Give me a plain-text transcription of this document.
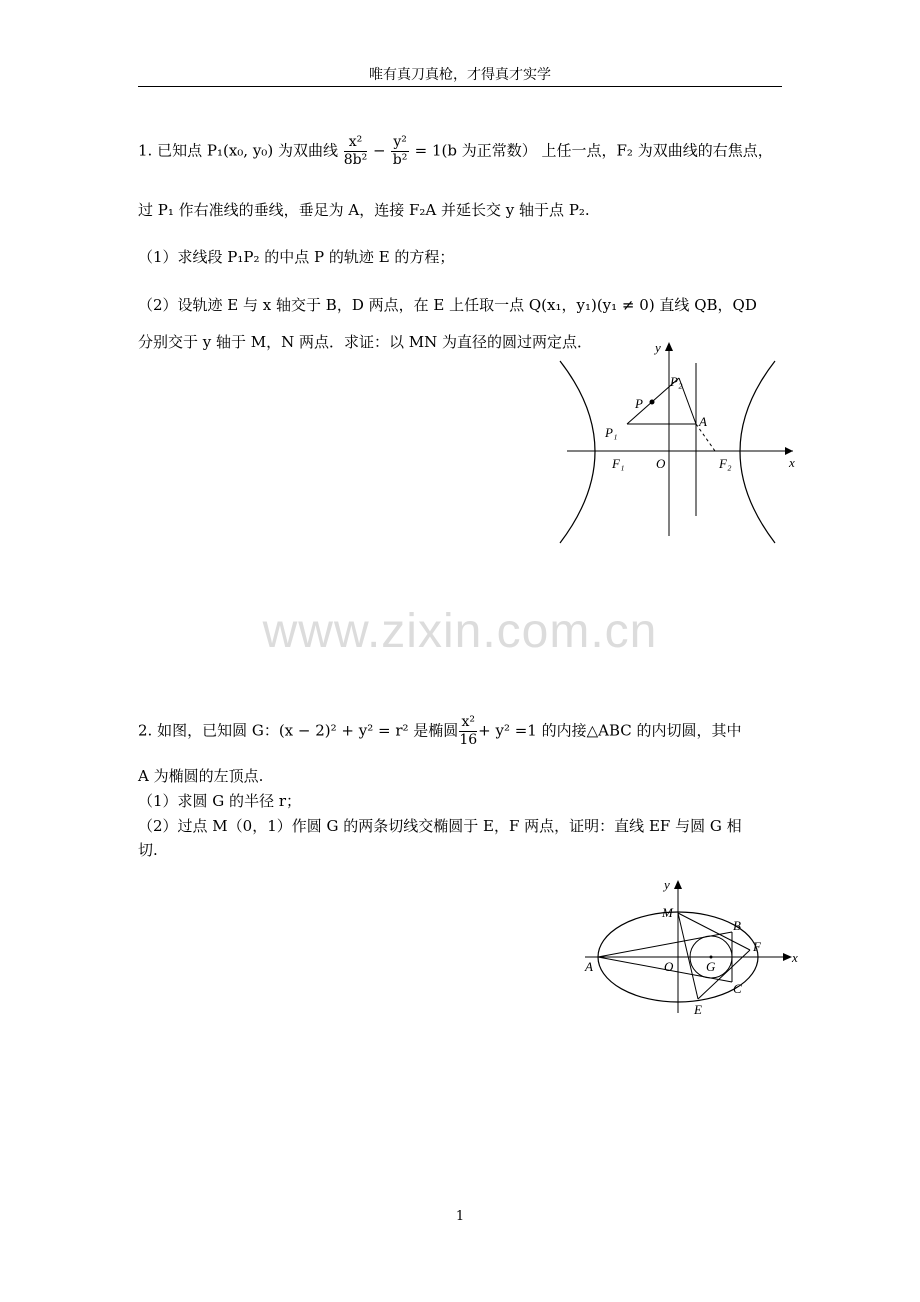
唯有真刀真枪，才得真才实学
1. 已知点 P₁(x₀, y₀) 为双曲线 $\frac{\text{x²}}{\text{8b²}} - \frac{\text{y²}}{\text{b²}} = 1(b$ 为正常数） 上任一点，F₂ 为双曲线的右焦点，
过 P₁ 作右准线的垂线，垂足为 A，连接 F₂A 并延长交 y 轴于点 P₂.
（1）求线段 P₁P₂ 的中点 P 的轨迹 E 的方程；
（2）设轨迹 E 与 x 轴交于 B，D 两点，在 E 上任取一点 Q(x₁，y₁)(y₁ ≠ 0) 直线 QB，QD
分别交于 y 轴于 M，N 两点．求证：以 MN 为直径的圆过两定点．	y
x
P₂
P
P₁
A
F₁ O	F₂
www.zixin.com.cn
2. 如图，已知圆 G：(x − 2)² + y² = r² 是椭圆 $\frac{\text{x²}}{16} + y^2 =1$ 的内接△ABC 的内切圆，其中
A 为椭圆的左顶点.
（1）求圆 G 的半径 r；
（2）过点 M（0，1）作圆 G 的两条切线交椭圆于 E，F 两点，证明：直线 EF 与圆 G 相
切.
y
x
M
B
F
A	O	G
C
E
1
